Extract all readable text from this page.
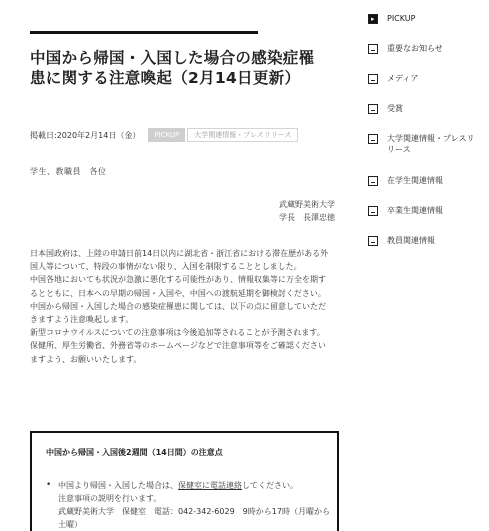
中国から帰国・入国した場合の感染症罹患に関する注意喚起（2月14日更新）
掲載日:2020年2月14日（金）	PICKUP	大学関連情報・プレスリリース

学生、教職員　各位

武蔵野美術大学

学長　長澤忠徳

日本国政府は、上陸の申請日前14日以内に湖北省・浙江省における滞在歴がある外国人等について、特段の事情がない限り、入国を制限することとしました。

中国各地においても状況が急激に悪化する可能性があり、情報収集等に万全を期するとともに、日本への早期の帰国・入国や、中国への渡航延期を御検討ください。

中国から帰国・入国した場合の感染症罹患に関しては、以下の点に留意していただきますよう注意喚起します。

新型コロナウイルスについての注意事項は今後追加等されることが予測されます。保健所、厚生労働省、外務省等のホームページなどで注意事項等をご確認くださいますよう、お願いいたします。

中国から帰国・入国後2週間（14日間）の注意点
• 中国より帰国・入国した場合は、保健室に電話連絡してください。
注意事項の説明を行います。
武蔵野美術大学　保健室　電話：042-342-6029　9時から17時（月曜から土曜）
▸
PICKUP
重要なお知らせ
メディア
受賞
大学関連情報・プレスリリース
在学生関連情報
卒業生関連情報
教員関連情報
